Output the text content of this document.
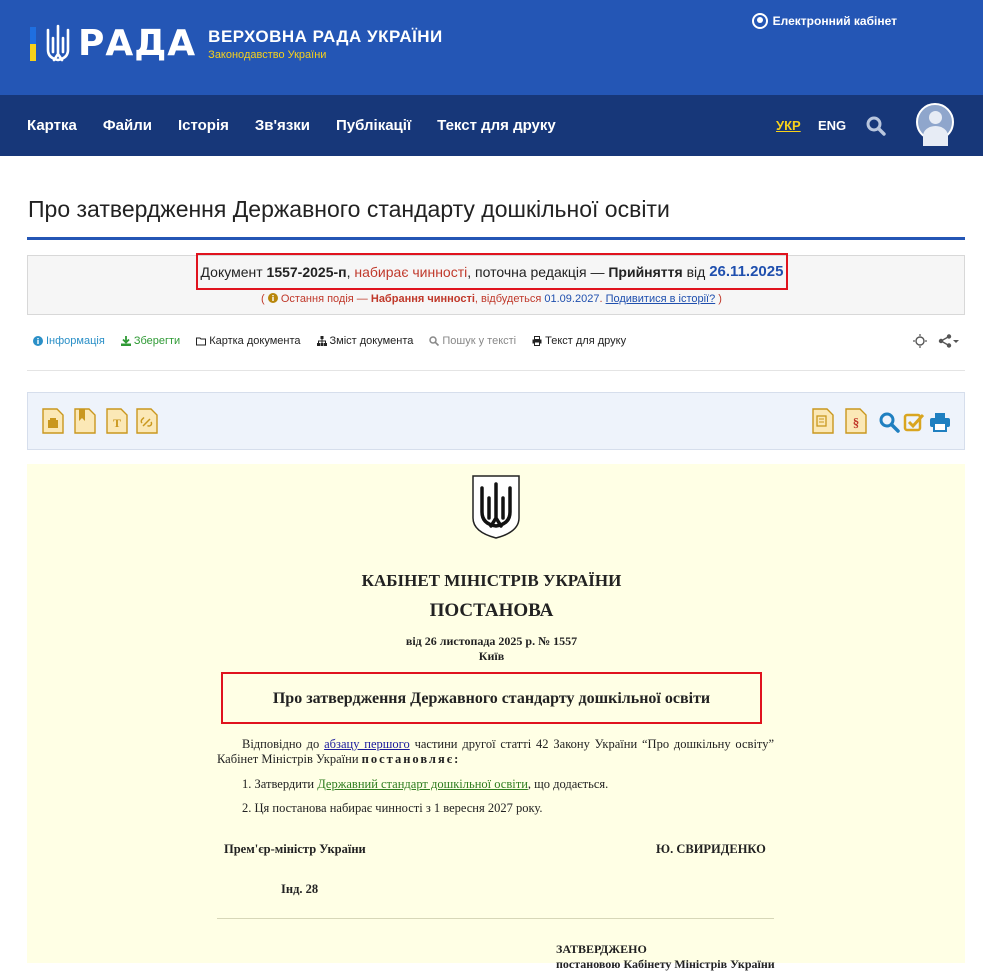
РАДА ВЕРХОВНА РАДА УКРАЇНИ
Законодавство України
Електронний кабінет
Картка Файли Історія Зв'язки Публікації Текст для друку	УКР ENG
Про затвердження Державного стандарту дошкільної освіти
Документ
1557-2025-п ,
набирає чинності , поточна редакція —
Прийняття
від
26.11.2025
( Остання подія — Набрання чинності, відбудеться 01.09.2027. Подивитися в історії? )
Інформація	Зберегти	Картка документа	Зміст документа	Пошук у тексті	Текст для друку
T	§
КАБІНЕТ МІНІСТРІВ УКРАЇНИ
ПОСТАНОВА
від 26 листопада 2025 р. № 1557
Київ
Про затвердження Державного стандарту дошкільної освіти
Відповідно до абзацу першого частини другої статті 42 Закону України “Про дошкільну освіту” Кабінет Міністрів України постановляє:
1. Затвердити Державний стандарт дошкільної освіти, що додається.
2. Ця постанова набирає чинності з 1 вересня 2027 року.
Прем'єр-міністр України	Ю. СВИРИДЕНКО
Інд. 28
ЗАТВЕРДЖЕНО
постановою Кабінету Міністрів України
